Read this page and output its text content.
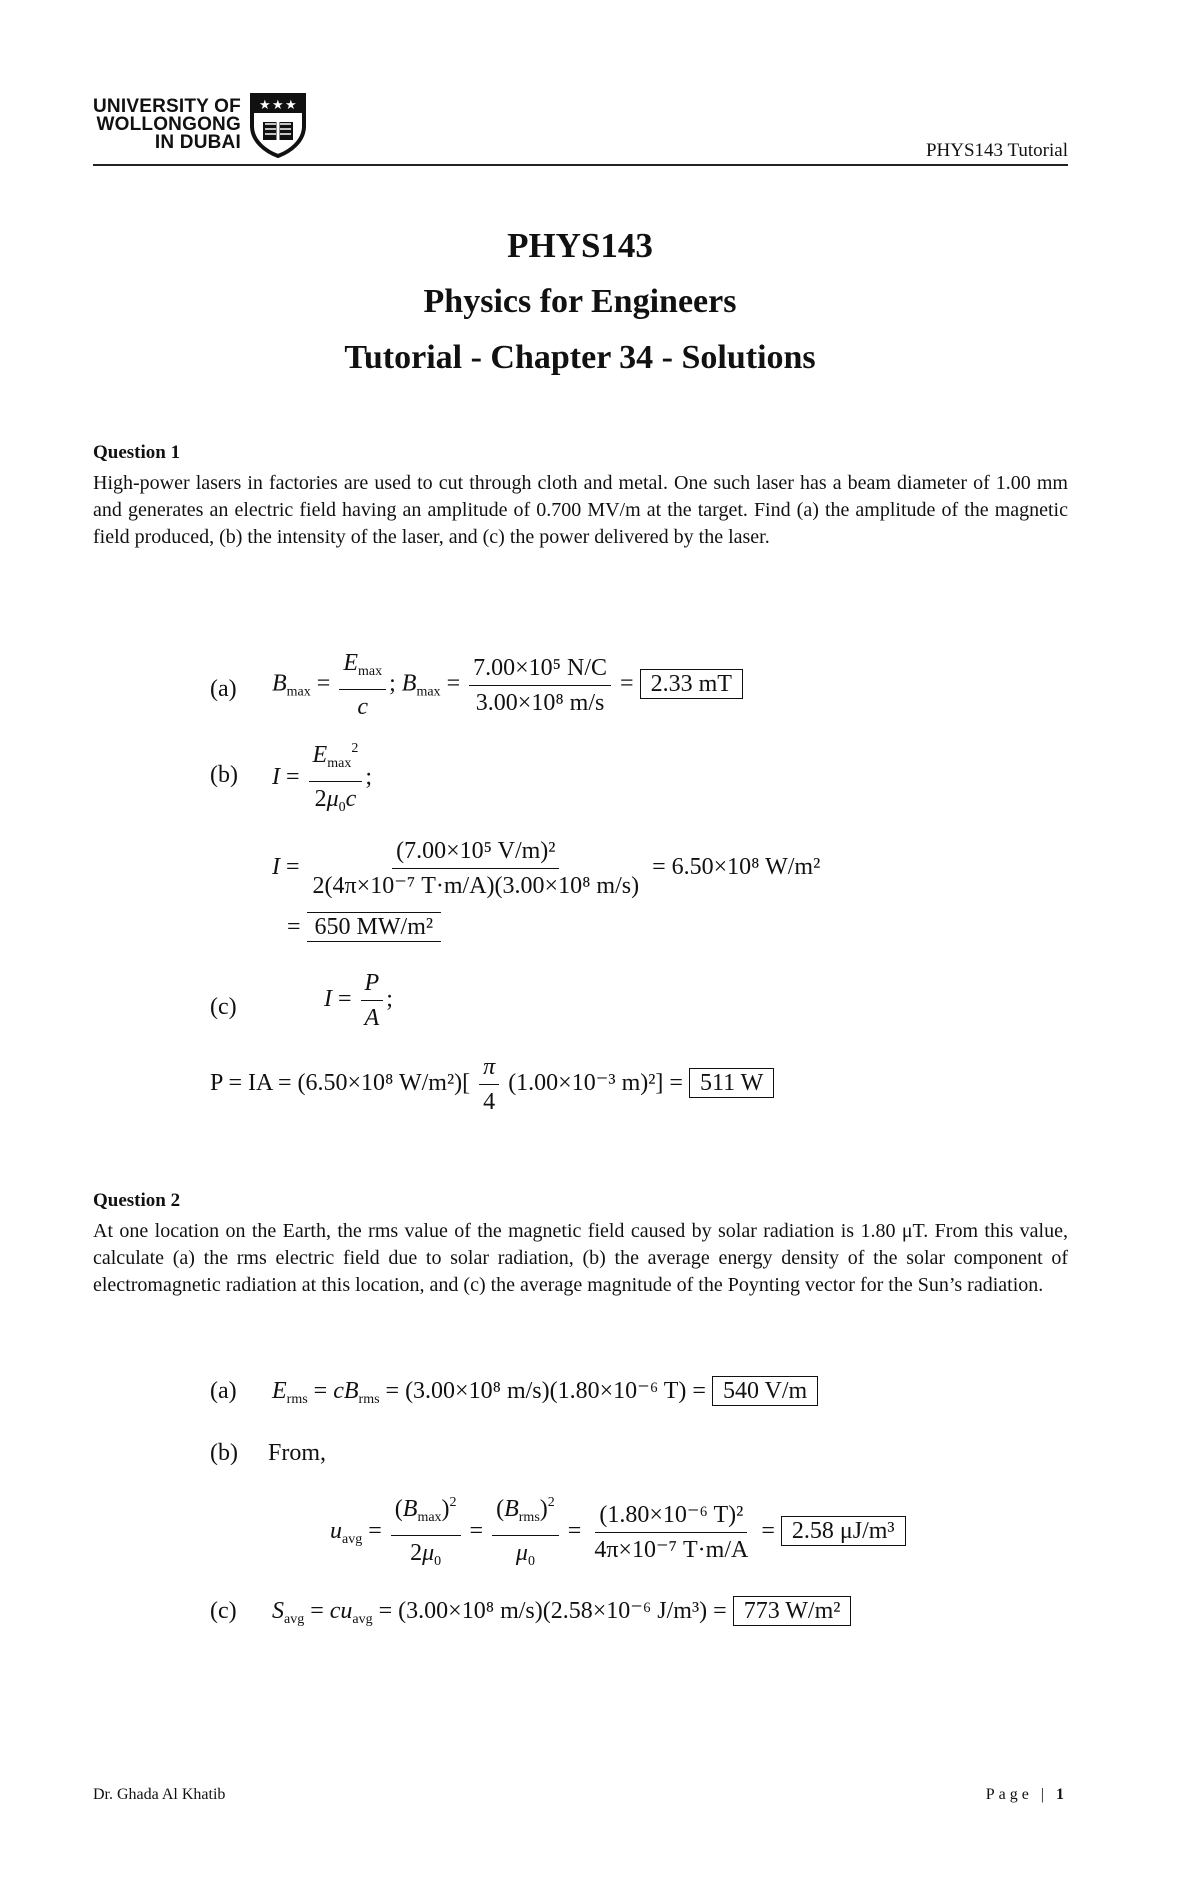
UNIVERSITY OF
WOLLONGONG
IN DUBAI
★ ★ ★
PHYS143 Tutorial
PHYS143
Physics for Engineers
Tutorial - Chapter 34 - Solutions
Question 1
High-power lasers in factories are used to cut through cloth and metal. One such laser has a beam diameter of 1.00 mm and generates an electric field having an amplitude of 0.700 MV/m at the target. Find (a) the amplitude of the magnetic field produced, (b) the intensity of the laser, and (c) the power delivered by the laser.
(a) $B_{max} = \frac{E_{max}}{c}$ ; $B_{max} = \frac{\text{7.00×10⁵ N/C}}{\text{3.00×10⁸ m/s}} = 2.33$ mT
(b) $I = \frac{E_{max}^2}{2\mu_0c}$ ;
$I = \frac{\text{(7.00×10⁵ V/m)²}}{\text{2(4π×10⁻⁷ T·m/A)(3.00×10⁸ m/s)}} = 6.50\times 10^8$ W/m²
= 650 MW/m²
(c)	$I = \frac{P}{A}$ ;
P = IA = (6.50×10⁸ $W/m^2)[ \frac{\pi}{4} (1.00\times 10^{-3}$ m)²] = 511 W
Question 2
At one location on the Earth, the rms value of the magnetic field caused by solar radiation is 1.80 μT. From this value, calculate (a) the rms electric field due to solar radiation, (b) the average energy density of the solar component of electromagnetic radiation at this location, and (c) the average magnitude of the Poynting vector for the Sun’s radiation.
(a) $E_{rms} = cB_{rms} = (3.00\times 10^8$ m/s)(1.80×10⁻⁶ T) = 540 V/m
(b) From,
$u_{avg} = \frac{(B_{max})^2}{2\mu_0} = \frac{(B_{rms})^2}{\mu_0} = \frac{\text{(1.80×10⁻⁶ T)²}}{\text{4π×10⁻⁷ T·m/A}} = 2.58$ μJ/m³
(c) $S_{avg} = cu_{avg} = (3.00\times 10^8$ m/s)(2.58×10⁻⁶ J/m³) = 773 W/m²
Dr. Ghada Al Khatib	Page | 1
